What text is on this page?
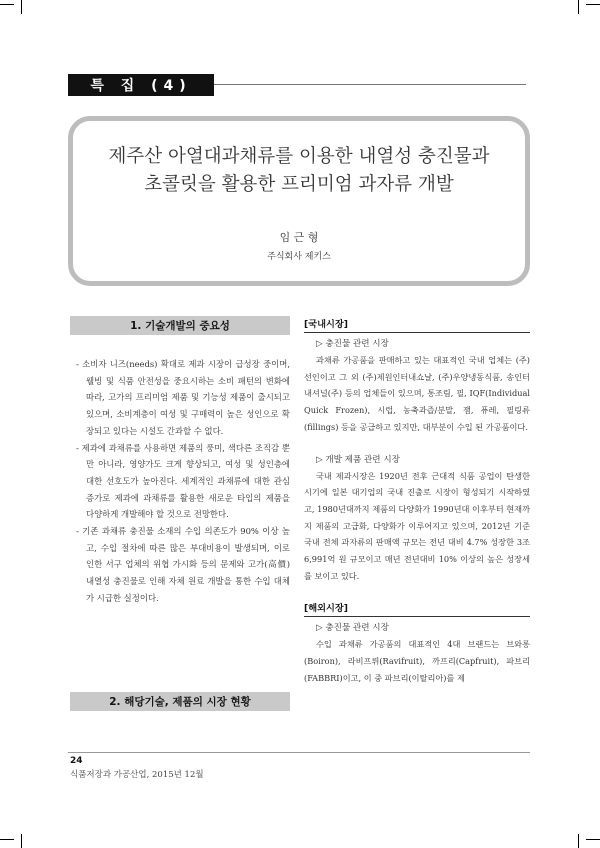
특 집 (4)
제주산 아열대과채류를 이용한 내열성 충진물과
초콜릿을 활용한 프리미엄 과자류 개발
임 근 형
주식회사 제키스
1. 기술개발의 중요성

- 소비자 니즈(needs) 확대로 제과 시장이 급성장 중이며, 웰빙 및 식품 안전성을 중요시하는 소비 패턴의 변화에 따라, 고가의 프리미엄 제품 및 기능성 제품이 출시되고 있으며, 소비계층이 여성 및 구매력이 높은 성인으로 확장되고 있다는 시설도 간과할 수 없다.

- 제과에 과채류를 사용하면 제품의 풍미, 색다른 조직감 뿐만 아니라, 영양가도 크게 향상되고, 여성 및 성인층에 대한 선호도가 높아진다. 세계적인 과채류에 대한 관심 증가로 제과에 과채류를 활용한 새로운 타입의 제품을 다양하게 개발해야 할 것으로 전망한다.

- 기존 과채류 충진물 소재의 수입 의존도가 90% 이상 높고, 수입 절차에 따른 많은 부대비용이 발생되며, 이로 인한 서구 업체의 위협 가시화 등의 문제와 고가(高價) 내열성 충진물로 인해 자체 원료 개발을 통한 수입 대체가 시급한 실정이다.

2. 해당기술, 제품의 시장 현황
[국내시장]
▷ 충진물 관련 시장

과채류 가공품을 판매하고 있는 대표적인 국내 업체는 (주)선인이고 그 외 (주)제원인터내쇼날, (주)우양냉동식품, 송인터내셔널(주) 등의 업체들이 있으며, 통조림, 필, IQF(Individual Quick Frozen), 시럽, 농축과즙/분말, 잼, 퓨레, 필링류(fillings) 등을 공급하고 있지만, 대부분이 수입 된 가공품이다.

▷ 개발 제품 관련 시장

국내 제과시장은 1920년 전후 근대적 식품 공업이 탄생한 시기에 일본 대기업의 국내 진출로 시장이 형성되기 시작하였고, 1980년대까지 제품의 다양화가 1990년대 이후부터 현재까지 제품의 고급화, 다양화가 이루어지고 있으며, 2012년 기준 국내 전체 과자류의 판매액 규모는 전년 대비 4.7% 성장한 3조 6,991억 원 규모이고 매년 전년대비 10% 이상의 높은 성장세를 보이고 있다.

[해외시장]
▷ 충진물 관련 시장

수입 과채류 가공품의 대표적인 4대 브랜드는 브와롱(Boiron), 라비프뤼(Ravifruit), 까프리(Capfruit), 파브리(FABBRI)이고, 이 중 파브리(이탈리아)를 제

24
식품저장과 가공산업, 2015년 12월
